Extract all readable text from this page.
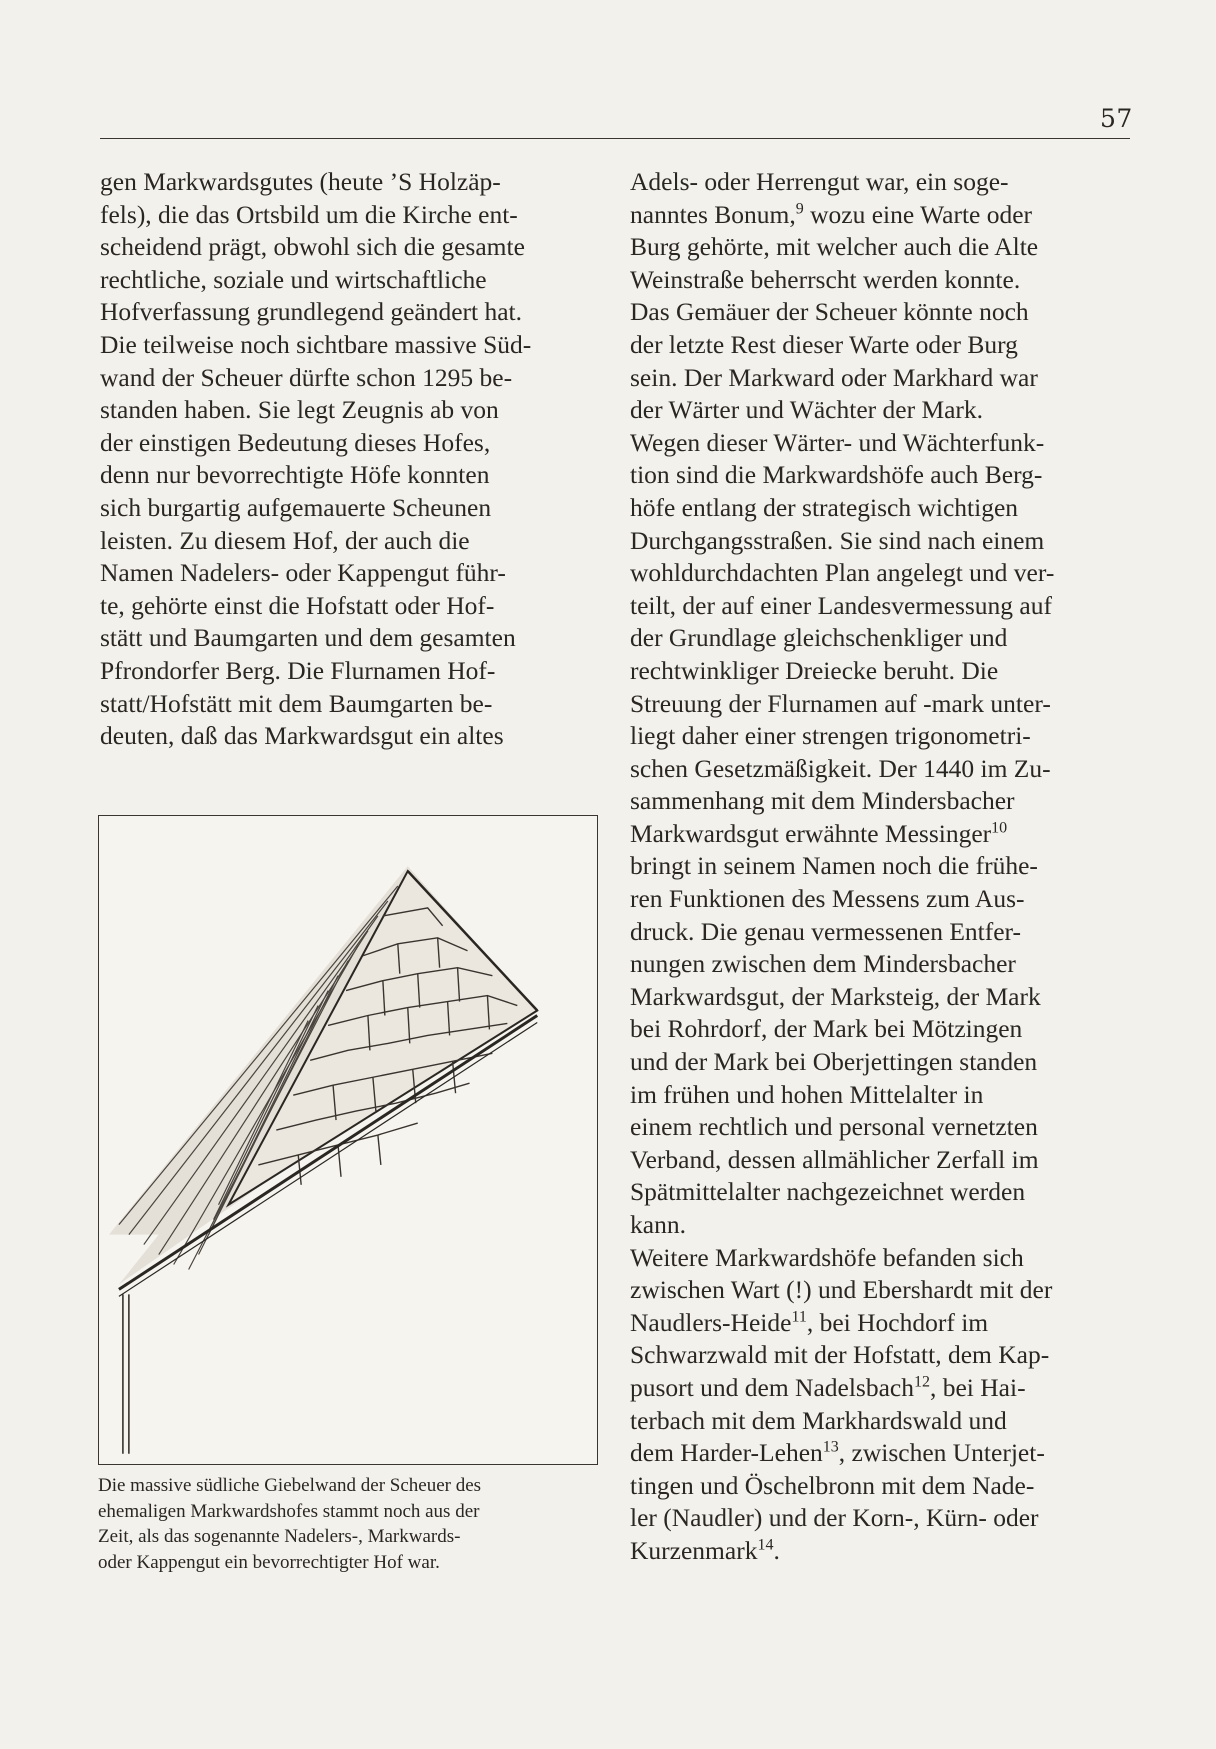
57

gen Markwardsgutes (heute ’S Holzäp-
fels), die das Ortsbild um die Kirche ent-
scheidend prägt, obwohl sich die gesamte
rechtliche, soziale und wirtschaftliche
Hofverfassung grundlegend geändert hat.
Die teilweise noch sichtbare massive Süd-
wand der Scheuer dürfte schon 1295 be-
standen haben. Sie legt Zeugnis ab von
der einstigen Bedeutung dieses Hofes,
denn nur bevorrechtigte Höfe konnten
sich burgartig aufgemauerte Scheunen
leisten. Zu diesem Hof, der auch die
Namen Nadelers- oder Kappengut führ-
te, gehörte einst die Hofstatt oder Hof-
stätt und Baumgarten und dem gesamten
Pfrondorfer Berg. Die Flurnamen Hof-
statt/Hofstätt mit dem Baumgarten be-
deuten, daß das Markwardsgut ein altes

Die massive südliche Giebelwand der Scheuer des
ehemaligen Markwardshofes stammt noch aus der
Zeit, als das sogenannte Nadelers-, Markwards-
oder Kappengut ein bevorrechtigter Hof war.

Adels- oder Herrengut war, ein soge-
nanntes Bonum,$^9$ wozu eine Warte oder
Burg gehörte, mit welcher auch die Alte
Weinstraße beherrscht werden konnte.
Das Gemäuer der Scheuer könnte noch
der letzte Rest dieser Warte oder Burg
sein. Der Markward oder Markhard war
der Wärter und Wächter der Mark.

Wegen dieser Wärter- und Wächterfunk-
tion sind die Markwardshöfe auch Berg-
höfe entlang der strategisch wichtigen
Durchgangsstraßen. Sie sind nach einem
wohldurchdachten Plan angelegt und ver-
teilt, der auf einer Landesvermessung auf
der Grundlage gleichschenkliger und
rechtwinkliger Dreiecke beruht. Die
Streuung der Flurnamen auf -mark unter-
liegt daher einer strengen trigonometri-
schen Gesetzmäßigkeit. Der 1440 im Zu-
sammenhang mit dem Mindersbacher
Markwardsgut erwähnte Messinger$^{10}$
bringt in seinem Namen noch die frühe-
ren Funktionen des Messens zum Aus-
druck. Die genau vermessenen Entfer-
nungen zwischen dem Mindersbacher
Markwardsgut, der Marksteig, der Mark
bei Rohrdorf, der Mark bei Mötzingen
und der Mark bei Oberjettingen standen
im frühen und hohen Mittelalter in
einem rechtlich und personal vernetzten
Verband, dessen allmählicher Zerfall im
Spätmittelalter nachgezeichnet werden
kann.

Weitere Markwardshöfe befanden sich
zwischen Wart (!) und Ebershardt mit der
Naudlers-Heide$^{11}$, bei Hochdorf im
Schwarzwald mit der Hofstatt, dem Kap-
pusort und dem Nadelsbach$^{12}$, bei Hai-
terbach mit dem Markhardswald und
dem Harder-Lehen$^{13}$, zwischen Unterjet-
tingen und Öschelbronn mit dem Nade-
ler (Naudler) und der Korn-, Kürn- oder
Kurzenmark$^{14}$.
